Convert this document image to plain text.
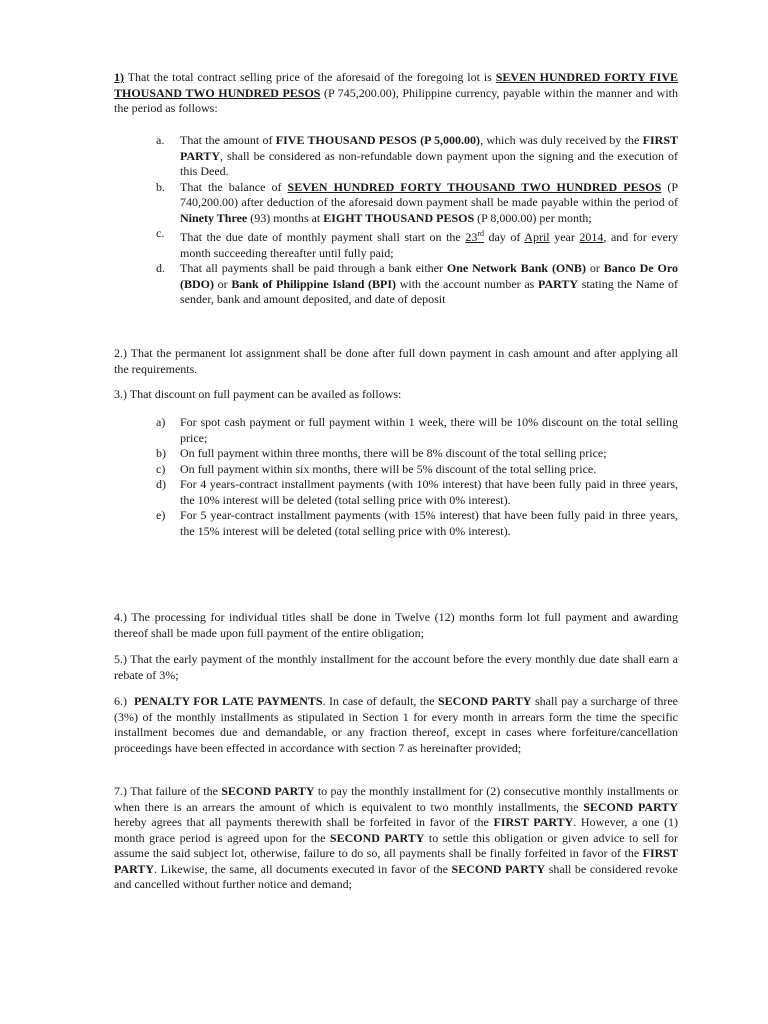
1) That the total contract selling price of the aforesaid of the foregoing lot is SEVEN HUNDRED FORTY FIVE THOUSAND TWO HUNDRED PESOS (P 745,200.00), Philippine currency, payable within the manner and with the period as follows:
a. That the amount of FIVE THOUSAND PESOS (P 5,000.00), which was duly received by the FIRST PARTY, shall be considered as non-refundable down payment upon the signing and the execution of this Deed.
b. That the balance of SEVEN HUNDRED FORTY THOUSAND TWO HUNDRED PESOS (P 740,200.00) after deduction of the aforesaid down payment shall be made payable within the period of Ninety Three (93) months at EIGHT THOUSAND PESOS (P 8,000.00) per month;
c. That the due date of monthly payment shall start on the 23rd day of April year 2014, and for every month succeeding thereafter until fully paid;
d. That all payments shall be paid through a bank either One Network Bank (ONB) or Banco De Oro (BDO) or Bank of Philippine Island (BPI) with the account number as PARTY stating the Name of sender, bank and amount deposited, and date of deposit
2.) That the permanent lot assignment shall be done after full down payment in cash amount and after applying all the requirements.
3.) That discount on full payment can be availed as follows:
a) For spot cash payment or full payment within 1 week, there will be 10% discount on the total selling price;
b) On full payment within three months, there will be 8% discount of the total selling price;
c) On full payment within six months, there will be 5% discount of the total selling price.
d) For 4 years-contract installment payments (with 10% interest) that have been fully paid in three years, the 10% interest will be deleted (total selling price with 0% interest).
e) For 5 year-contract installment payments (with 15% interest) that have been fully paid in three years, the 15% interest will be deleted (total selling price with 0% interest).
4.) The processing for individual titles shall be done in Twelve (12) months form lot full payment and awarding thereof shall be made upon full payment of the entire obligation;
5.) That the early payment of the monthly installment for the account before the every monthly due date shall earn a rebate of 3%;
6.)  PENALTY FOR LATE PAYMENTS. In case of default, the SECOND PARTY shall pay a surcharge of three (3%) of the monthly installments as stipulated in Section 1 for every month in arrears form the time the specific installment becomes due and demandable, or any fraction thereof, except in cases where forfeiture/cancellation proceedings have been effected in accordance with section 7 as hereinafter provided;
7.) That failure of the SECOND PARTY to pay the monthly installment for (2) consecutive monthly installments or when there is an arrears the amount of which is equivalent to two monthly installments, the SECOND PARTY hereby agrees that all payments therewith shall be forfeited in favor of the FIRST PARTY. However, a one (1) month grace period is agreed upon for the SECOND PARTY to settle this obligation or given advice to sell for assume the said subject lot, otherwise, failure to do so, all payments shall be finally forfeited in favor of the FIRST PARTY. Likewise, the same, all documents executed in favor of the SECOND PARTY shall be considered revoke and cancelled without further notice and demand;
